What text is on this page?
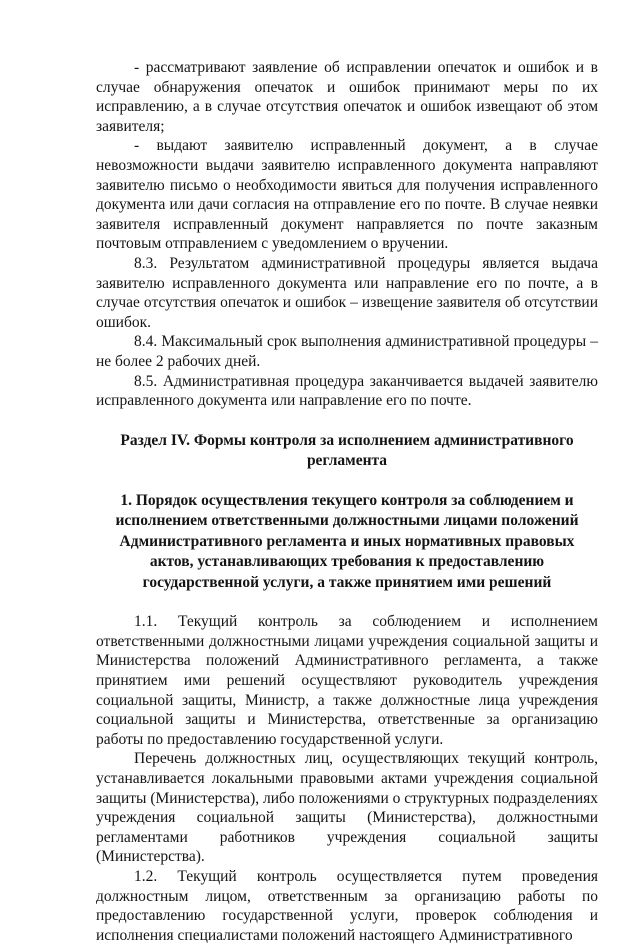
- рассматривают заявление об исправлении опечаток и ошибок и в случае обнаружения опечаток и ошибок принимают меры по их исправлению, а в случае отсутствия опечаток и ошибок извещают об этом заявителя;

- выдают заявителю исправленный документ, а в случае невозможности выдачи заявителю исправленного документа направляют заявителю письмо о необходимости явиться для получения исправленного документа или дачи согласия на отправление его по почте. В случае неявки заявителя исправленный документ направляется по почте заказным почтовым отправлением с уведомлением о вручении.

8.3. Результатом административной процедуры является выдача заявителю исправленного документа или направление его по почте, а в случае отсутствия опечаток и ошибок – извещение заявителя об отсутствии ошибок.

8.4. Максимальный срок выполнения административной процедуры – не более 2 рабочих дней.

8.5. Административная процедура заканчивается выдачей заявителю исправленного документа или направление его по почте.

Раздел IV. Формы контроля за исполнением административного регламента

1. Порядок осуществления текущего контроля за соблюдением и исполнением ответственными должностными лицами положений Административного регламента и иных нормативных правовых актов, устанавливающих требования к предоставлению государственной услуги, а также принятием ими решений

1.1. Текущий контроль за соблюдением и исполнением ответственными должностными лицами учреждения социальной защиты и Министерства положений Административного регламента, а также принятием ими решений осуществляют руководитель учреждения социальной защиты, Министр, а также должностные лица учреждения социальной защиты и Министерства, ответственные за организацию работы по предоставлению государственной услуги.

Перечень должностных лиц, осуществляющих текущий контроль, устанавливается локальными правовыми актами учреждения социальной защиты (Министерства), либо положениями о структурных подразделениях учреждения социальной защиты (Министерства), должностными регламентами работников учреждения социальной защиты (Министерства).

1.2. Текущий контроль осуществляется путем проведения должностным лицом, ответственным за организацию работы по предоставлению государственной услуги, проверок соблюдения и исполнения специалистами положений настоящего Административного
